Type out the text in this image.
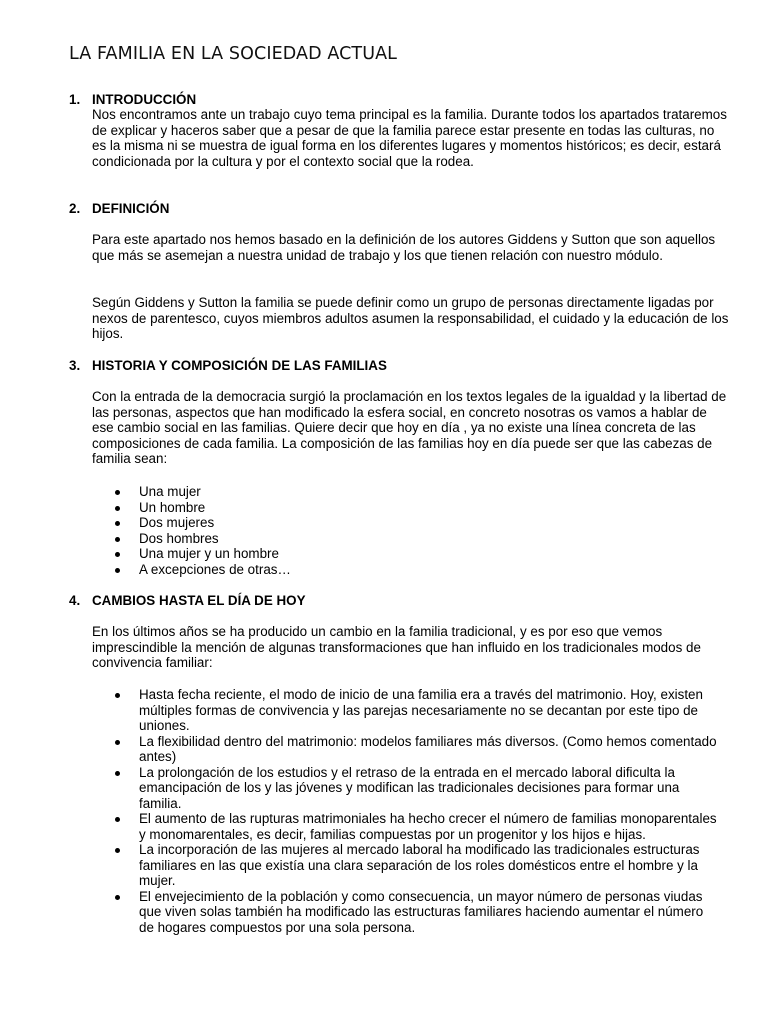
LA FAMILIA EN LA SOCIEDAD ACTUAL
1. INTRODUCCIÓN

Nos encontramos ante un trabajo cuyo tema principal es la familia. Durante todos los apartados trataremos de explicar y haceros saber que a pesar de que la familia parece estar presente en todas las culturas, no es la misma ni se muestra de igual forma en los diferentes lugares y momentos históricos; es decir, estará condicionada por la cultura y por el contexto social que la rodea.

2. DEFINICIÓN

Para este apartado nos hemos basado en la definición de los autores Giddens y Sutton que son aquellos que más se asemejan a nuestra unidad de trabajo y los que tienen relación con nuestro módulo.

Según Giddens y Sutton la familia se puede definir como un grupo de personas directamente ligadas por nexos de parentesco, cuyos miembros adultos asumen la responsabilidad, el cuidado y la educación de los hijos.

3. HISTORIA Y COMPOSICIÓN DE LAS FAMILIAS

Con la entrada de la democracia surgió la proclamación en los textos legales de la igualdad y la libertad de las personas, aspectos que han modificado la esfera social, en concreto nosotras os vamos a hablar de ese cambio social en las familias. Quiere decir que hoy en día , ya no existe una línea concreta de las composiciones de cada familia. La composición de las familias hoy en día puede ser que las cabezas de familia sean:

Una mujer
Un hombre
Dos mujeres
Dos hombres
Una mujer y un hombre
A excepciones de otras…
4. CAMBIOS HASTA EL DÍA DE HOY

En los últimos años se ha producido un cambio en la familia tradicional, y es por eso que vemos imprescindible la mención de algunas transformaciones que han influido en los tradicionales modos de convivencia familiar:

Hasta fecha reciente, el modo de inicio de una familia era a través del matrimonio. Hoy, existen múltiples formas de convivencia y las parejas necesariamente no se decantan por este tipo de uniones.
La flexibilidad dentro del matrimonio: modelos familiares más diversos. (Como hemos comentado antes)
La prolongación de los estudios y el retraso de la entrada en el mercado laboral dificulta la emancipación de los y las jóvenes y modifican las tradicionales decisiones para formar una familia.
El aumento de las rupturas matrimoniales ha hecho crecer el número de familias monoparentales y monomarentales, es decir, familias compuestas por un progenitor y los hijos e hijas.
La incorporación de las mujeres al mercado laboral ha modificado las tradicionales estructuras familiares en las que existía una clara separación de los roles domésticos entre el hombre y la mujer.
El envejecimiento de la población y como consecuencia, un mayor número de personas viudas que viven solas también ha modificado las estructuras familiares haciendo aumentar el número de hogares compuestos por una sola persona.
